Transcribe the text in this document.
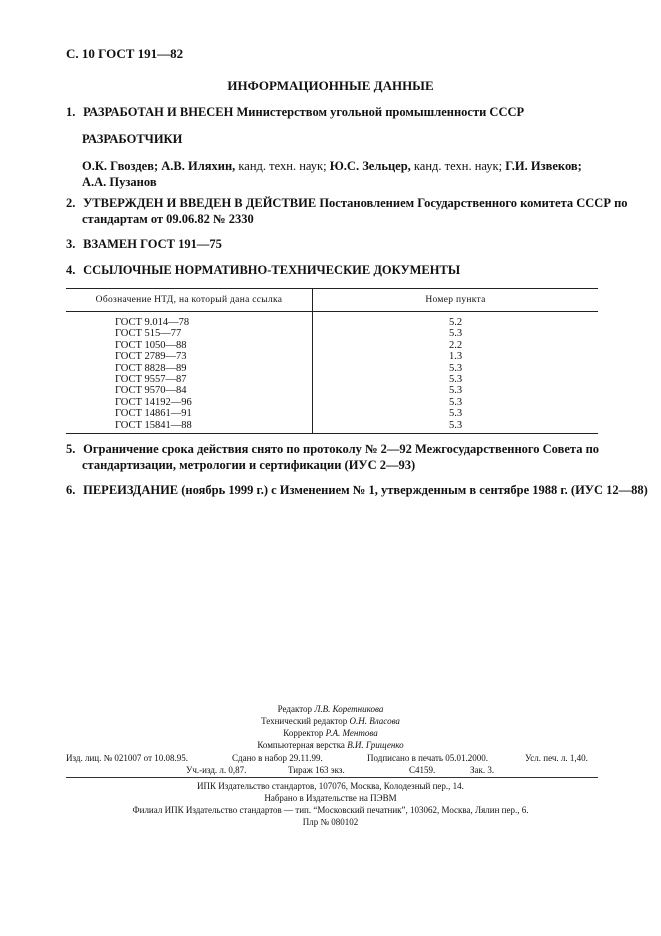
С. 10 ГОСТ 191—82
ИНФОРМАЦИОННЫЕ ДАННЫЕ
1. РАЗРАБОТАН И ВНЕСЕН Министерством угольной промышленности СССР
РАЗРАБОТЧИКИ
О.К. Гвоздев; А.В. Иляхин, канд. техн. наук; Ю.С. Зельцер, канд. техн. наук; Г.И. Извеков;
А.А. Пузанов
2. УТВЕРЖДЕН И ВВЕДЕН В ДЕЙСТВИЕ Постановлением Государственного комитета СССР по
стандартам от 09.06.82 № 2330
3. ВЗАМЕН ГОСТ 191—75
4. ССЫЛОЧНЫЕ НОРМАТИВНО-ТЕХНИЧЕСКИЕ ДОКУМЕНТЫ
Обозначение НТД, на который дана ссылка	Номер пункта
ГОСТ 9.014—78	5.2
ГОСТ 515—77	5.3
ГОСТ 1050—88	2.2
ГОСТ 2789—73	1.3
ГОСТ 8828—89	5.3
ГОСТ 9557—87	5.3
ГОСТ 9570—84	5.3
ГОСТ 14192—96	5.3
ГОСТ 14861—91	5.3
ГОСТ 15841—88	5.3
5. Ограничение срока действия снято по протоколу № 2—92 Межгосударственного Совета по
стандартизации, метрологии и сертификации (ИУС 2—93)
6. ПЕРЕИЗДАНИЕ (ноябрь 1999 г.) с Изменением № 1, утвержденным в сентябре 1988 г. (ИУС 12—88)
Редактор Л.В. Коретникова
Технический редактор О.Н. Власова
Корректор Р.А. Ментова
Компьютерная верстка В.И. Грищенко
Изд. лиц. № 021007 от 10.08.95.	Сдано в набор 29.11.99.	Подписано в печать 05.01.2000.	Усл. печ. л. 1,40.
Уч.-изд. л. 0,87.	Тираж 163 экз.	С4159.	Зак. 3.
ИПК Издательство стандартов, 107076, Москва, Колодезный пер., 14.
Набрано в Издательстве на ПЭВМ
Филиал ИПК Издательство стандартов — тип. “Московский печатник”, 103062, Москва, Лялин пер., 6.
Плр № 080102
